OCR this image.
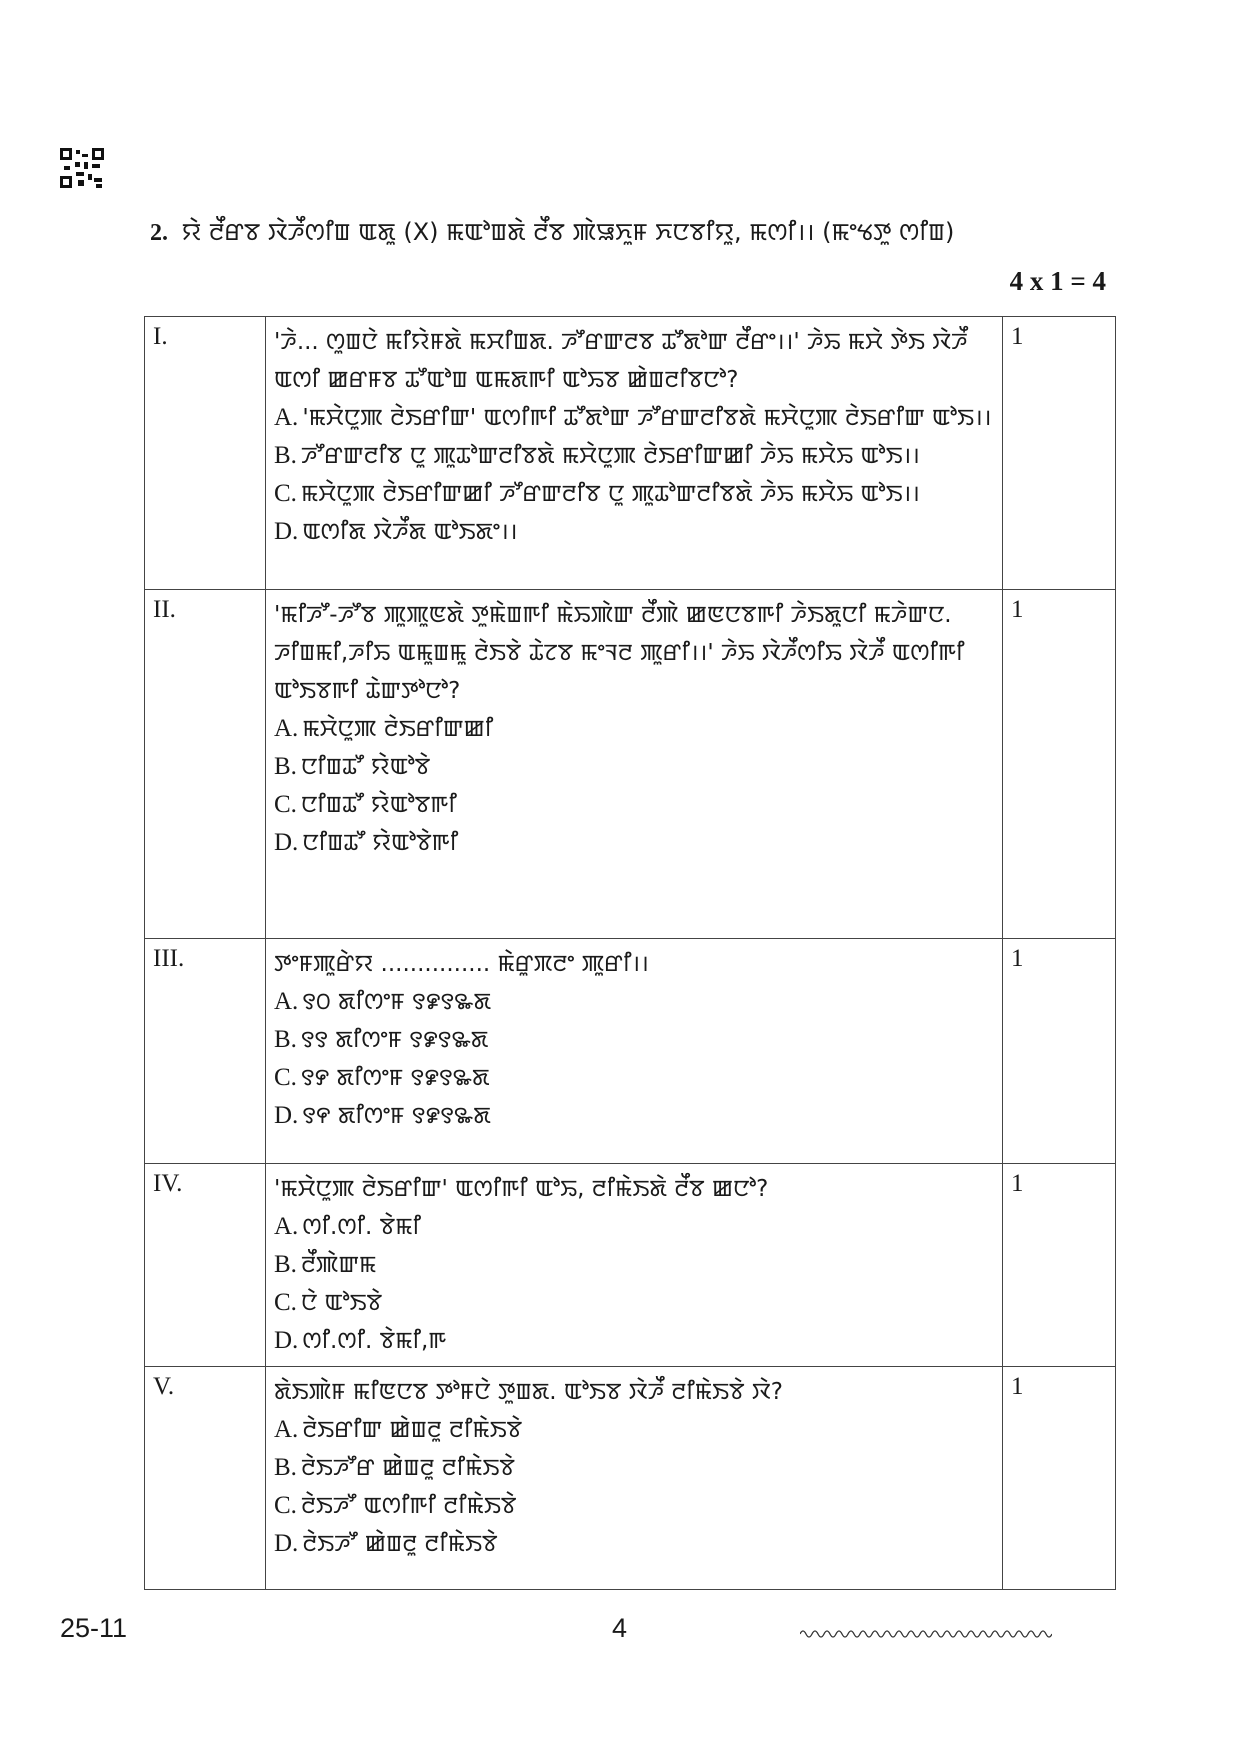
2. ꯌꯥ ꯂꯩꯔꯕ ꯋꯥꯍꯩꯁꯤꯡ ꯑꯗꯨ (X) ꯃꯑꯣꯡꯗꯥ ꯂꯩꯕ ꯄꯥꯎꯈꯨꯝ ꯈꯅꯕꯤꯌꯨ, ꯃꯁꯤ।। (ꯃꯦꯠꯇꯨ ꯁꯤꯡ)
4 x 1 = 4
I.	'ꯍꯥ... ꯁꯨꯡꯅꯥ ꯃꯤꯌꯥꯝꯗꯥ ꯃꯆꯤꯡꯗ. ꯍꯧꯔꯛꯂꯕ ꯊꯧꯗꯣꯛ ꯂꯩꯔꯦ।।' ꯍꯥꯢ ꯃꯆꯥ ꯇꯥꯏ ꯋꯥꯍꯩ ꯑꯁꯤ ꯀꯔꯝꯕ ꯊꯧꯑꯣꯡ ꯑꯃꯗꯒꯤ ꯑꯣꯢꯕ ꯀꯥꯡꯂꯤꯕꯅꯣ?

A. 'ꯃꯆꯥꯅꯨꯄ ꯂꯥꯏꯔꯤꯛ' ꯑꯁꯤꯒꯤ ꯊꯧꯗꯣꯛ ꯍꯧꯔꯛꯂꯤꯕꯗꯥ ꯃꯆꯥꯅꯨꯄ ꯂꯥꯏꯔꯤꯛ ꯑꯣꯏ।।

B. ꯍꯧꯔꯛꯂꯤꯕ ꯅꯨ ꯄꯨꯊꯣꯛꯂꯤꯕꯗꯥ ꯃꯆꯥꯅꯨꯄ ꯂꯥꯏꯔꯤꯛꯀꯤ ꯍꯥꯢ ꯃꯆꯥꯢ ꯑꯣꯏ।।

C. ꯃꯆꯥꯅꯨꯄ ꯂꯥꯏꯔꯤꯛꯀꯤ ꯍꯧꯔꯛꯂꯤꯕ ꯅꯨ ꯄꯨꯊꯣꯛꯂꯤꯕꯗꯥ ꯍꯥꯢ ꯃꯆꯥꯢ ꯑꯣꯏ।।

D. ꯑꯁꯤꯗ ꯋꯥꯍꯩꯗ ꯑꯣꯏꯗꯦ।।	1
II.	'ꯃꯤꯍꯧ-ꯍꯧꯕ ꯄꯨꯄꯨꯟꯗꯥ ꯇꯨꯃꯥꯡꯒꯤ ꯃꯥꯢꯄꯥꯛ ꯂꯩꯄꯥ ꯀꯟꯅꯕꯒꯤ ꯍꯥꯏꯗꯨꯅꯤ ꯃꯍꯥꯛꯅ. ꯍꯤꯡꯃꯤ,ꯍꯤꯢ ꯑꯃꯨꯡꯃꯨ ꯂꯥꯏꯕꯥ ꯊꯥꯖꯕ ꯃꯦꯜꯂ ꯄꯨꯔꯤ।।' ꯍꯥꯢ ꯋꯥꯍꯩꯁꯤꯢ ꯋꯥꯍꯩ ꯑꯁꯤꯒꯤ ꯑꯣꯏꯕꯒꯤ ꯊꯥꯛꯇꯣꯅꯣ?

A. ꯃꯆꯥꯅꯨꯄ ꯂꯥꯏꯔꯤꯛꯀꯤ

B. ꯅꯤꯡꯊꯧ ꯌꯥꯑꯣꯕꯥ

C. ꯅꯤꯡꯊꯧ ꯌꯥꯑꯣꯕꯒꯤ

D. ꯅꯤꯡꯊꯧ ꯌꯥꯑꯣꯕꯥꯒꯤ	1
III.	ꯇꯦꯝꯄꯨꯔꯥꯌ ............... ꯃꯥꯔꯨꯞꯂꯦ ꯄꯨꯔꯤ।।

A. ꯱꯰ ꯗꯤꯁꯦꯝ ꯱꯹꯱꯳ꯗ

B. ꯱꯱ ꯗꯤꯁꯦꯝ ꯱꯹꯱꯳ꯗ

C. ꯱꯸ ꯗꯤꯁꯦꯝ ꯱꯹꯱꯳ꯗ

D. ꯱꯵ ꯗꯤꯁꯦꯝ ꯱꯹꯱꯳ꯗ	1
IV.	'ꯃꯆꯥꯅꯨꯄ ꯂꯥꯏꯔꯤꯛ' ꯑꯁꯤꯒꯤ ꯑꯣꯢ, ꯂꯤꯃꯥꯏꯗꯥ ꯂꯩꯕ ꯀꯅꯣ?

A. ꯁꯤ.ꯁꯤ. ꯕꯥꯃꯤ

B. ꯂꯩꯄꯥꯛꯃ

C. ꯅꯥ ꯑꯣꯏꯕꯥ

D. ꯁꯤ.ꯁꯤ. ꯕꯥꯃꯤ,ꯒ	1
V.	ꯗꯥꯏꯄꯥꯝ ꯃꯤꯟꯅꯕ ꯇꯣꯝꯅꯥ ꯇꯨꯡꯗ. ꯑꯣꯏꯕ ꯋꯥꯍꯩ ꯂꯤꯃꯥꯏꯕꯥ ꯋꯥ?

A. ꯂꯥꯏꯔꯤꯛ ꯀꯥꯡꯂꯨ ꯂꯤꯃꯥꯏꯕꯥ

B. ꯂꯥꯏꯍꯧꯔ ꯀꯥꯡꯂꯨ ꯂꯤꯃꯥꯏꯕꯥ

C. ꯂꯥꯏꯍꯧ ꯑꯁꯤꯒꯤ ꯂꯤꯃꯥꯏꯕꯥ

D. ꯂꯥꯏꯍꯧ ꯀꯥꯡꯂꯨ ꯂꯤꯃꯥꯏꯕꯥ	1
25-11	4
